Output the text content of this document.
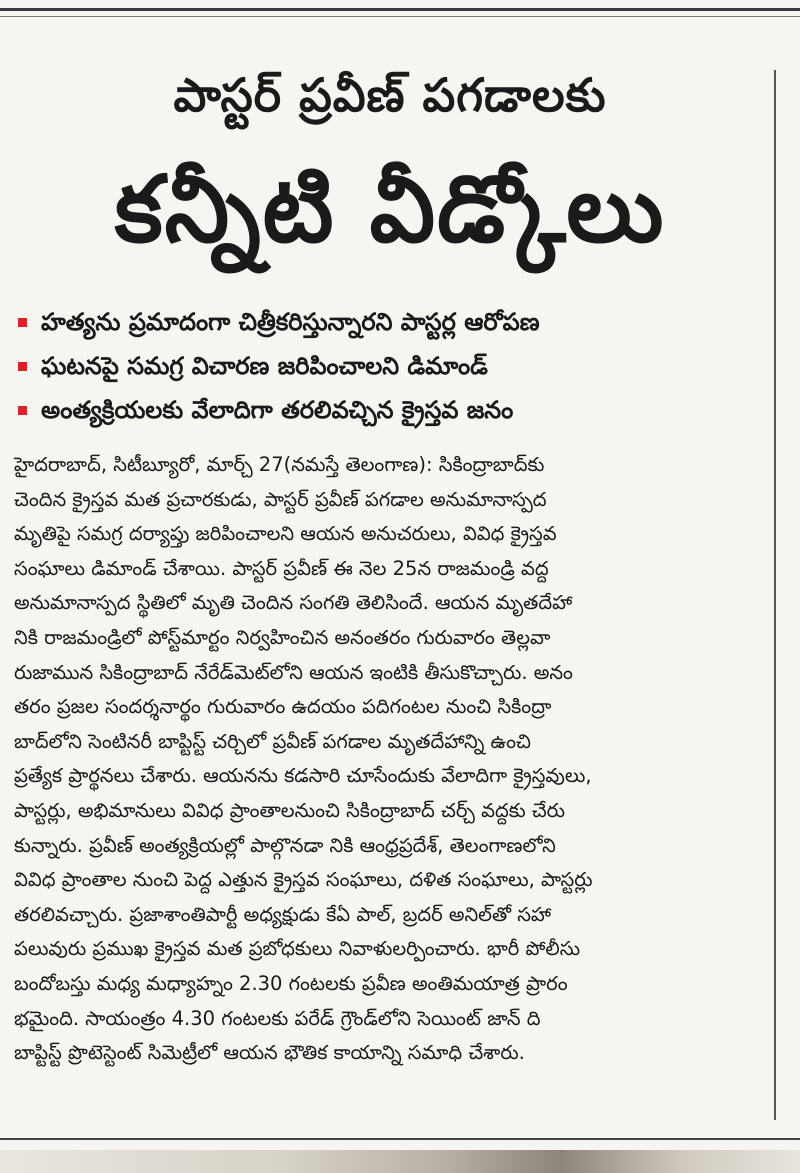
పాస్టర్ ప్రవీణ్ పగడాలకు
కన్నీటి వీడ్కోలు
హత్యను ప్రమాదంగా చిత్రీకరిస్తున్నారని పాస్టర్ల ఆరోపణ
ఘటనపై సమగ్ర విచారణ జరిపించాలని డిమాండ్
అంత్యక్రియలకు వేలాదిగా తరలివచ్చిన క్రైస్తవ జనం
హైదరాబాద్, సిటీబ్యూరో, మార్చ్ 27(నమస్తే తెలంగాణ): సికింద్రాబాద్‌కు
చెందిన క్రైస్తవ మత ప్రచారకుడు, పాస్టర్ ప్రవీణ్ పగడాల అనుమానాస్పద
మృతిపై సమగ్ర దర్యాప్తు జరిపించాలని ఆయన అనుచరులు, వివిధ క్రైస్తవ
సంఘాలు డిమాండ్ చేశాయి. పాస్టర్ ప్రవీణ్ ఈ నెల 25న రాజమండ్రి వద్ద
అనుమానాస్పద స్థితిలో మృతి చెందిన సంగతి తెలిసిందే. ఆయన మృతదేహా
నికి రాజమండ్రిలో పోస్ట్‌మార్టం నిర్వహించిన అనంతరం గురువారం తెల్లవా
రుజామున సికింద్రాబాద్ నేరేడ్‌మెట్‌లోని ఆయన ఇంటికి తీసుకొచ్చారు. అనం
తరం ప్రజల సందర్శనార్థం గురువారం ఉదయం పదిగంటల నుంచి సికింద్రా
బాద్‌లోని సెంటినరీ బాప్టిస్ట్ చర్చిలో ప్రవీణ్ పగడాల మృతదేహాన్ని ఉంచి
ప్రత్యేక ప్రార్థనలు చేశారు. ఆయనను కడసారి చూసేందుకు వేలాదిగా క్రైస్తవులు,
పాస్టర్లు, అభిమానులు వివిధ ప్రాంతాలనుంచి సికింద్రాబాద్ చర్చ్ వద్దకు చేరు
కున్నారు. ప్రవీణ్ అంత్యక్రియల్లో పాల్గొనడా నికి ఆంధ్రప్రదేశ్, తెలంగాణలోని
వివిధ ప్రాంతాల నుంచి పెద్ద ఎత్తున క్రైస్తవ సంఘాలు, దళిత సంఘాలు, పాస్టర్లు
తరలివచ్చారు. ప్రజాశాంతిపార్టీ అధ్యక్షుడు కేఏ పాల్, బ్రదర్ అనిల్‌తో సహా
పలువురు ప్రముఖ క్రైస్తవ మత ప్రబోధకులు నివాళులర్పించారు. భారీ పోలీసు
బందోబస్తు మధ్య మధ్యాహ్నం 2.30 గంటలకు ప్రవీణ అంతిమయాత్ర ప్రారం
భమైంది. సాయంత్రం 4.30 గంటలకు పరేడ్ గ్రౌండ్‌లోని సెయింట్ జాన్ ది
బాప్టిస్ట్ ప్రొటెస్టెంట్ సిమెట్రీలో ఆయన భౌతిక కాయాన్ని సమాధి చేశారు.
